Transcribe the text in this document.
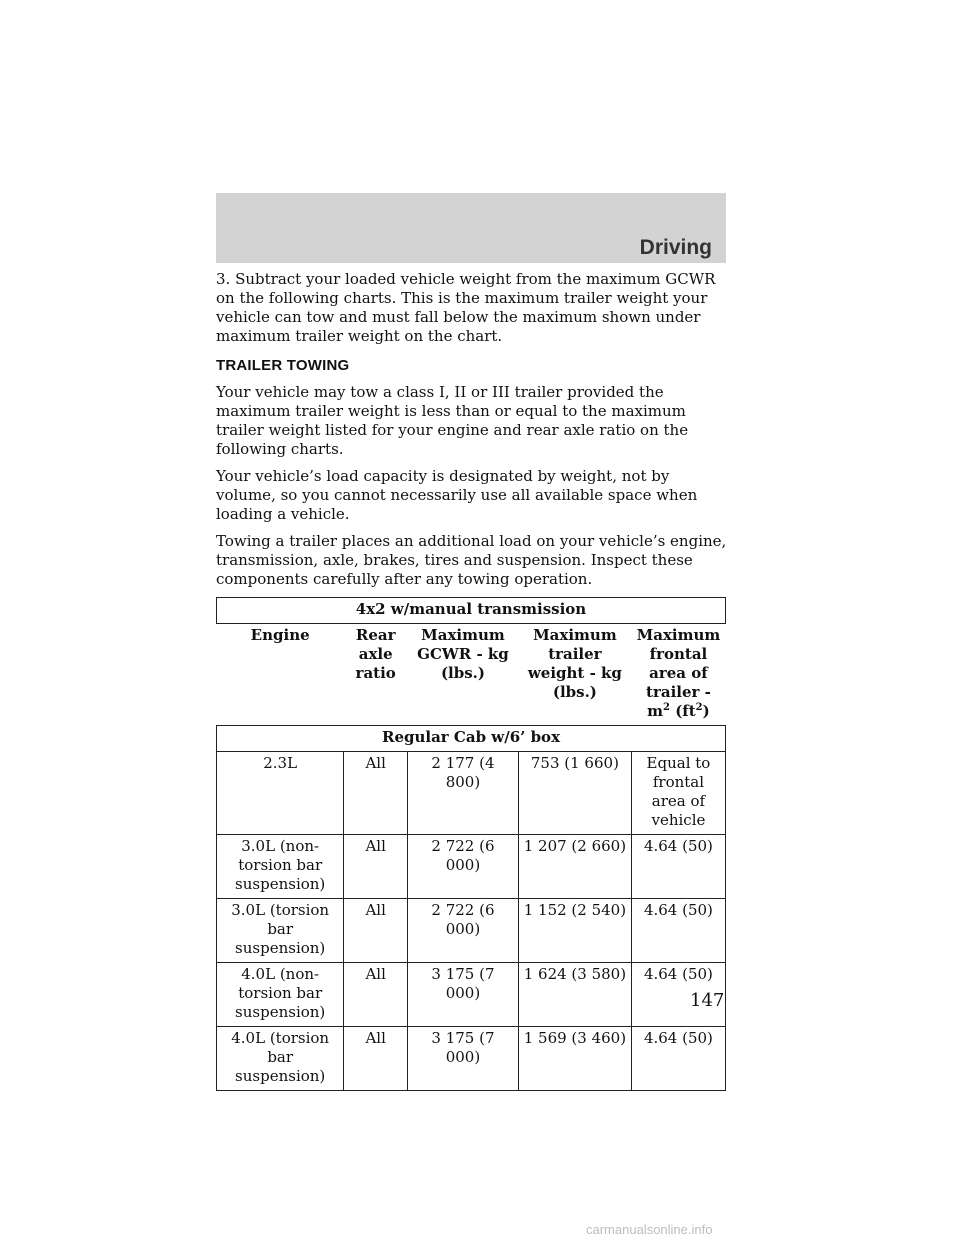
Driving

3. Subtract your loaded vehicle weight from the maximum GCWR on the following charts. This is the maximum trailer weight your vehicle can tow and must fall below the maximum shown under maximum trailer weight on the chart.

TRAILER TOWING

Your vehicle may tow a class I, II or III trailer provided the maximum trailer weight is less than or equal to the maximum trailer weight listed for your engine and rear axle ratio on the following charts.

Your vehicle’s load capacity is designated by weight, not by volume, so you cannot necessarily use all available space when loading a vehicle.

Towing a trailer places an additional load on your vehicle’s engine, transmission, axle, brakes, tires and suspension. Inspect these components carefully after any towing operation.

4x2 w/manual transmission				
Engine	Rear axle ratio	Maximum GCWR - kg (lbs.)	Maximum trailer weight - kg (lbs.)	Maximum frontal area of trailer - $m^2$ $(ft^2)$
Regular Cab w/6’ box				
2.3L	All	2 177 (4 800)	753 (1 660)	Equal to frontal area of vehicle
3.0L (non-torsion bar suspension)	All	2 722 (6 000)	1 207 (2 660)	4.64 (50)
3.0L (torsion bar suspension)	All	2 722 (6 000)	1 152 (2 540)	4.64 (50)
4.0L (non-torsion bar suspension)	All	3 175 (7 000)	1 624 (3 580)	4.64 (50)
4.0L (torsion bar suspension)	All	3 175 (7 000)	1 569 (3 460)	4.64 (50)
147
carmanualsonline.info
